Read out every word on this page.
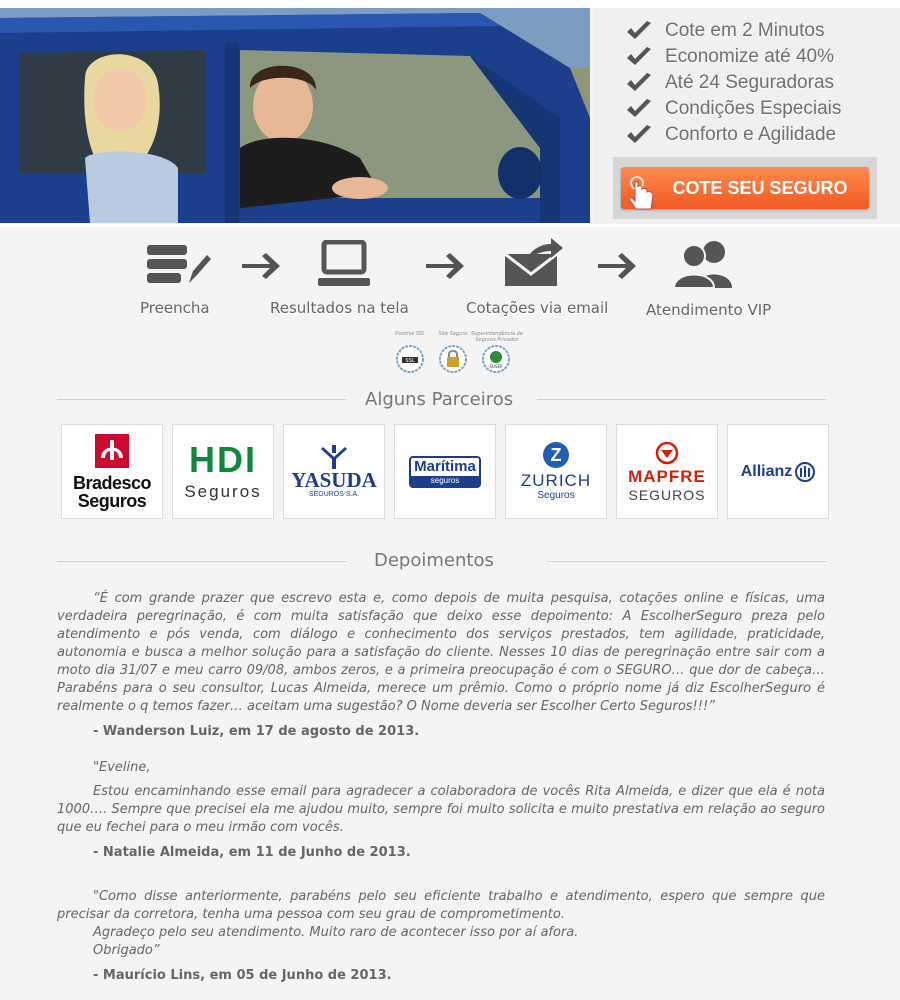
Cote em 2 Minutos
Economize até 40%
Até 24 Seguradoras
Condições Especiais
Conforto e Agilidade
COTE SEU SEGURO
Preencha	Resultados na tela	Cotações via email	Atendimento VIP
Positive SSL	Site Seguro Superintendência de Seguros Privados
SSL
SUSEP
Alguns Parceiros
Bradesco
Seguros
HDI
Seguros YASUDA
SEGUROS S.A.
Marítima
seguros
Z
ZURICH
Seguros
MAPFRE
SEGUROS
Allianz
Depoimentos
“É com grande prazer que escrevo esta e, como depois de muita pesquisa, cotações online e físicas, uma verdadeira peregrinação, é com muita satisfação que deixo esse depoimento: A EscolherSeguro preza pelo atendimento e pós venda, com diálogo e conhecimento dos serviços prestados, tem agilidade, praticidade, autonomia e busca a melhor solução para a satisfação do cliente. Nesses 10 dias de peregrinação entre sair com a moto dia 31/07 e meu carro 09/08, ambos zeros, e a primeira preocupação é com o SEGURO… que dor de cabeça… Parabéns para o seu consultor, Lucas Almeida, merece um prêmio. Como o próprio nome já diz EscolherSeguro é realmente o q temos fazer… aceitam uma sugestão? O Nome deveria ser Escolher Certo Seguros!!!”
- Wanderson Luiz, em 17 de agosto de 2013.
"Eveline,
Estou encaminhando esse email para agradecer a colaboradora de vocês Rita Almeida, e dizer que ela é nota 1000…. Sempre que precisei ela me ajudou muito, sempre foi muito solicita e muito prestativa em relação ao seguro que eu fechei para o meu irmão com vocês.
- Natalie Almeida, em 11 de Junho de 2013.
"Como disse anteriormente, parabéns pelo seu eficiente trabalho e atendimento, espero que sempre que precisar da corretora, tenha uma pessoa com seu grau de comprometimento.
Agradeço pelo seu atendimento. Muito raro de acontecer isso por aí afora.
Obrigado”
- Maurício Lins, em 05 de Junho de 2013.
